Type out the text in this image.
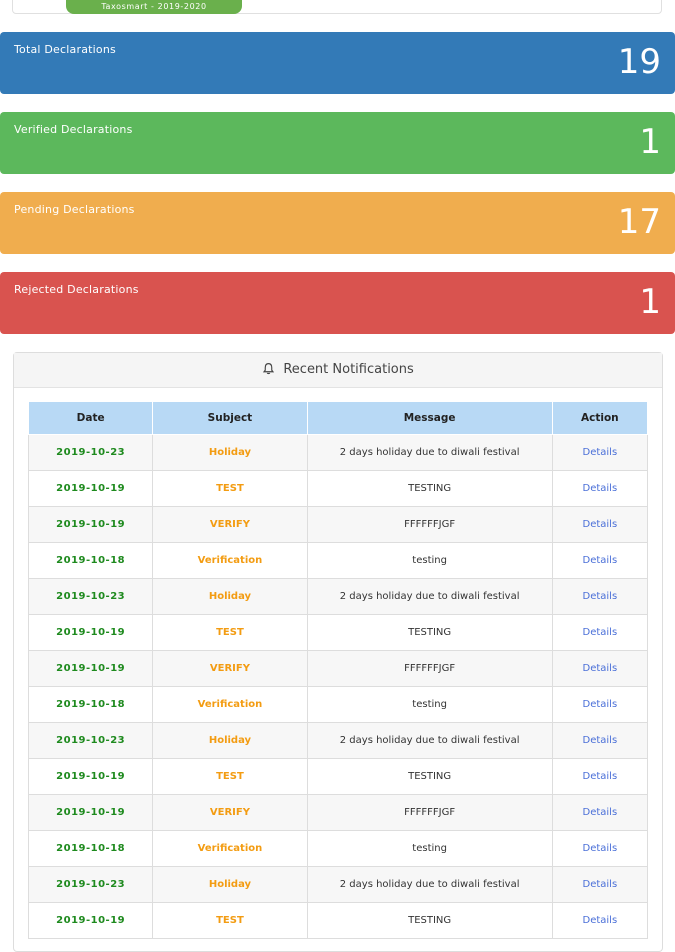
Taxosmart - 2019-2020
Total Declarations	19
Verified Declarations	1
Pending Declarations	17
Rejected Declarations	1
Recent Notifications
Date	Subject	Message	Action
2019-10-23	Holiday	2 days holiday due to diwali festival	Details
2019-10-19	TEST	TESTING	Details
2019-10-19	VERIFY	FFFFFFJGF	Details
2019-10-18	Verification	testing	Details
2019-10-23	Holiday	2 days holiday due to diwali festival	Details
2019-10-19	TEST	TESTING	Details
2019-10-19	VERIFY	FFFFFFJGF	Details
2019-10-18	Verification	testing	Details
2019-10-23	Holiday	2 days holiday due to diwali festival	Details
2019-10-19	TEST	TESTING	Details
2019-10-19	VERIFY	FFFFFFJGF	Details
2019-10-18	Verification	testing	Details
2019-10-23	Holiday	2 days holiday due to diwali festival	Details
2019-10-19	TEST	TESTING	Details
